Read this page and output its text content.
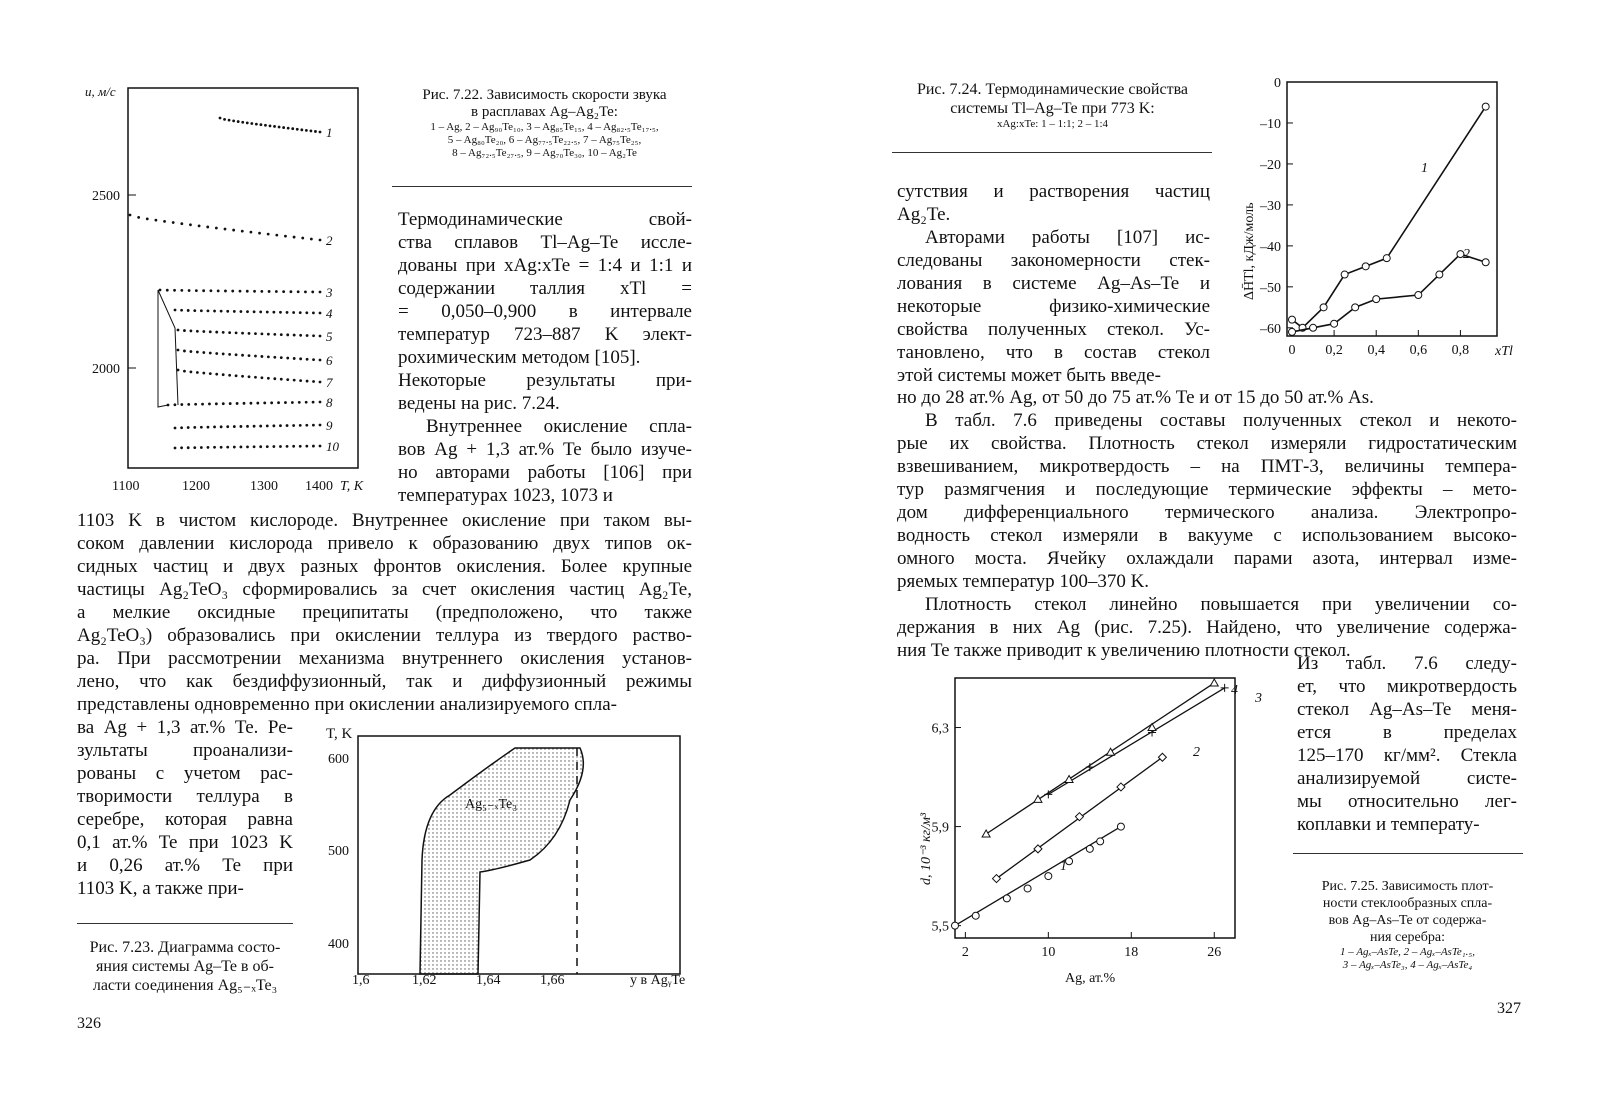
u, м/с
2500
2000
1100	1200	1300 1400 T, K
1
2
3
4
5
6
7
8
9
10
Рис. 7.22. Зависимость скорости звука
в расплавах Ag–Ag₂Te:
1 – Ag, 2 – Ag₉₀Te₁₀, 3 – Ag₈₅Te₁₅, 4 – Ag₈₂.₅Te₁₇.₅,
5 – Ag₈₀Te₂₀, 6 – Ag₇₇.₅Te₂₂.₅, 7 – Ag₇₅Te₂₅,
8 – Ag₇₂.₅Te₂₇.₅, 9 – Ag₇₀Te₃₀, 10 – Ag₂Te
Термодинамические свой-
ства сплавов Tl–Ag–Te иссле-
дованы при xAg:xTe = 1:4 и 1:1 и
содержании таллия xTl =
= 0,050–0,900 в интервале
температур 723–887 K элект-
рохимическим методом [105].
Некоторые результаты при-
ведены на рис. 7.24.
Внутреннее окисление спла-
вов Ag + 1,3 ат.% Te было изуче-
но авторами работы [106] при
температурах 1023, 1073 и
1103 K в чистом кислороде. Внутреннее окисление при таком вы-
соком давлении кислорода привело к образованию двух типов ок-
сидных частиц и двух разных фронтов окисления. Более крупные
частицы Ag₂TeO₃ сформировались за счет окисления частиц Ag₂Te,
а мелкие оксидные преципитаты (предположено, что также
Ag₂TeO₃) образовались при окислении теллура из твердого раство-
ра. При рассмотрении механизма внутреннего окисления установ-
лено, что как бездиффузионный, так и диффузионный режимы
представлены одновременно при окислении анализируемого спла-
ва Ag + 1,3 ат.% Te. Ре-
зультаты проанализи-
рованы с учетом рас-
творимости теллура в
серебре, которая равна
0,1 ат.% Te при 1023 K
и 0,26 ат.% Te при
1103 K, а также при-
Рис. 7.23. Диаграмма состо-
яния системы Ag–Te в об-
ласти соединения Ag₅₋ₓTe₃
T, K
Ag₅₋ₓTe₃
600
500
400
1,6	1,62	1,64	1,66	y в AgᵧTe
326
Рис. 7.24. Термодинамические свойства
системы Tl–Ag–Te при 773 K:
xAg:xTe: 1 – 1:1; 2 – 1:4
ΔH̄Tl, кДж/моль
0
–10
–20
–30
–40
–50
–60
0 0,2 0,4 0,6 0,8
1
2
xTl
сутствия и растворения частиц
Ag₂Te.
Авторами работы [107] ис-
следованы закономерности стек-
лования в системе Ag–As–Te и
некоторые физико-химические
свойства полученных стекол. Ус-
тановлено, что в состав стекол
этой системы может быть введе-
но до 28 ат.% Ag, от 50 до 75 ат.% Te и от 15 до 50 ат.% As.
В табл. 7.6 приведены составы полученных стекол и некото-
рые их свойства. Плотность стекол измеряли гидростатическим
взвешиванием, микротвердость – на ПМТ-3, величины темпера-
тур размягчения и последующие термические эффекты – мето-
дом дифференциального термического анализа. Электропро-
водность стекол измеряли в вакууме с использованием высоко-
омного моста. Ячейку охлаждали парами азота, интервал изме-
ряемых температур 100–370 K.
Плотность стекол линейно повышается при увеличении со-
держания в них Ag (рис. 7.25). Найдено, что увеличение содержа-
ния Te также приводит к увеличению плотности стекол.
Из табл. 7.6 следу-
ет, что микротвердость
стекол Ag–As–Te меня-
ется в пределах
125–170 кг/мм². Стекла
анализируемой систе-
мы относительно лег-
коплавки и температу-
d, 10⁻³ кг/м³
6,3
5,9
5,5
2	10	18	26
Ag, ат.%
1
2
3
4
Рис. 7.25. Зависимость плот-
ности стеклообразных спла-
вов Ag–As–Te от содержа-
ния серебра:
1 – Agₓ–AsTe, 2 – Agₓ–AsTe₁.₅,
3 – Agₓ–AsTe₃, 4 – Agₓ–AsTe₄
327
